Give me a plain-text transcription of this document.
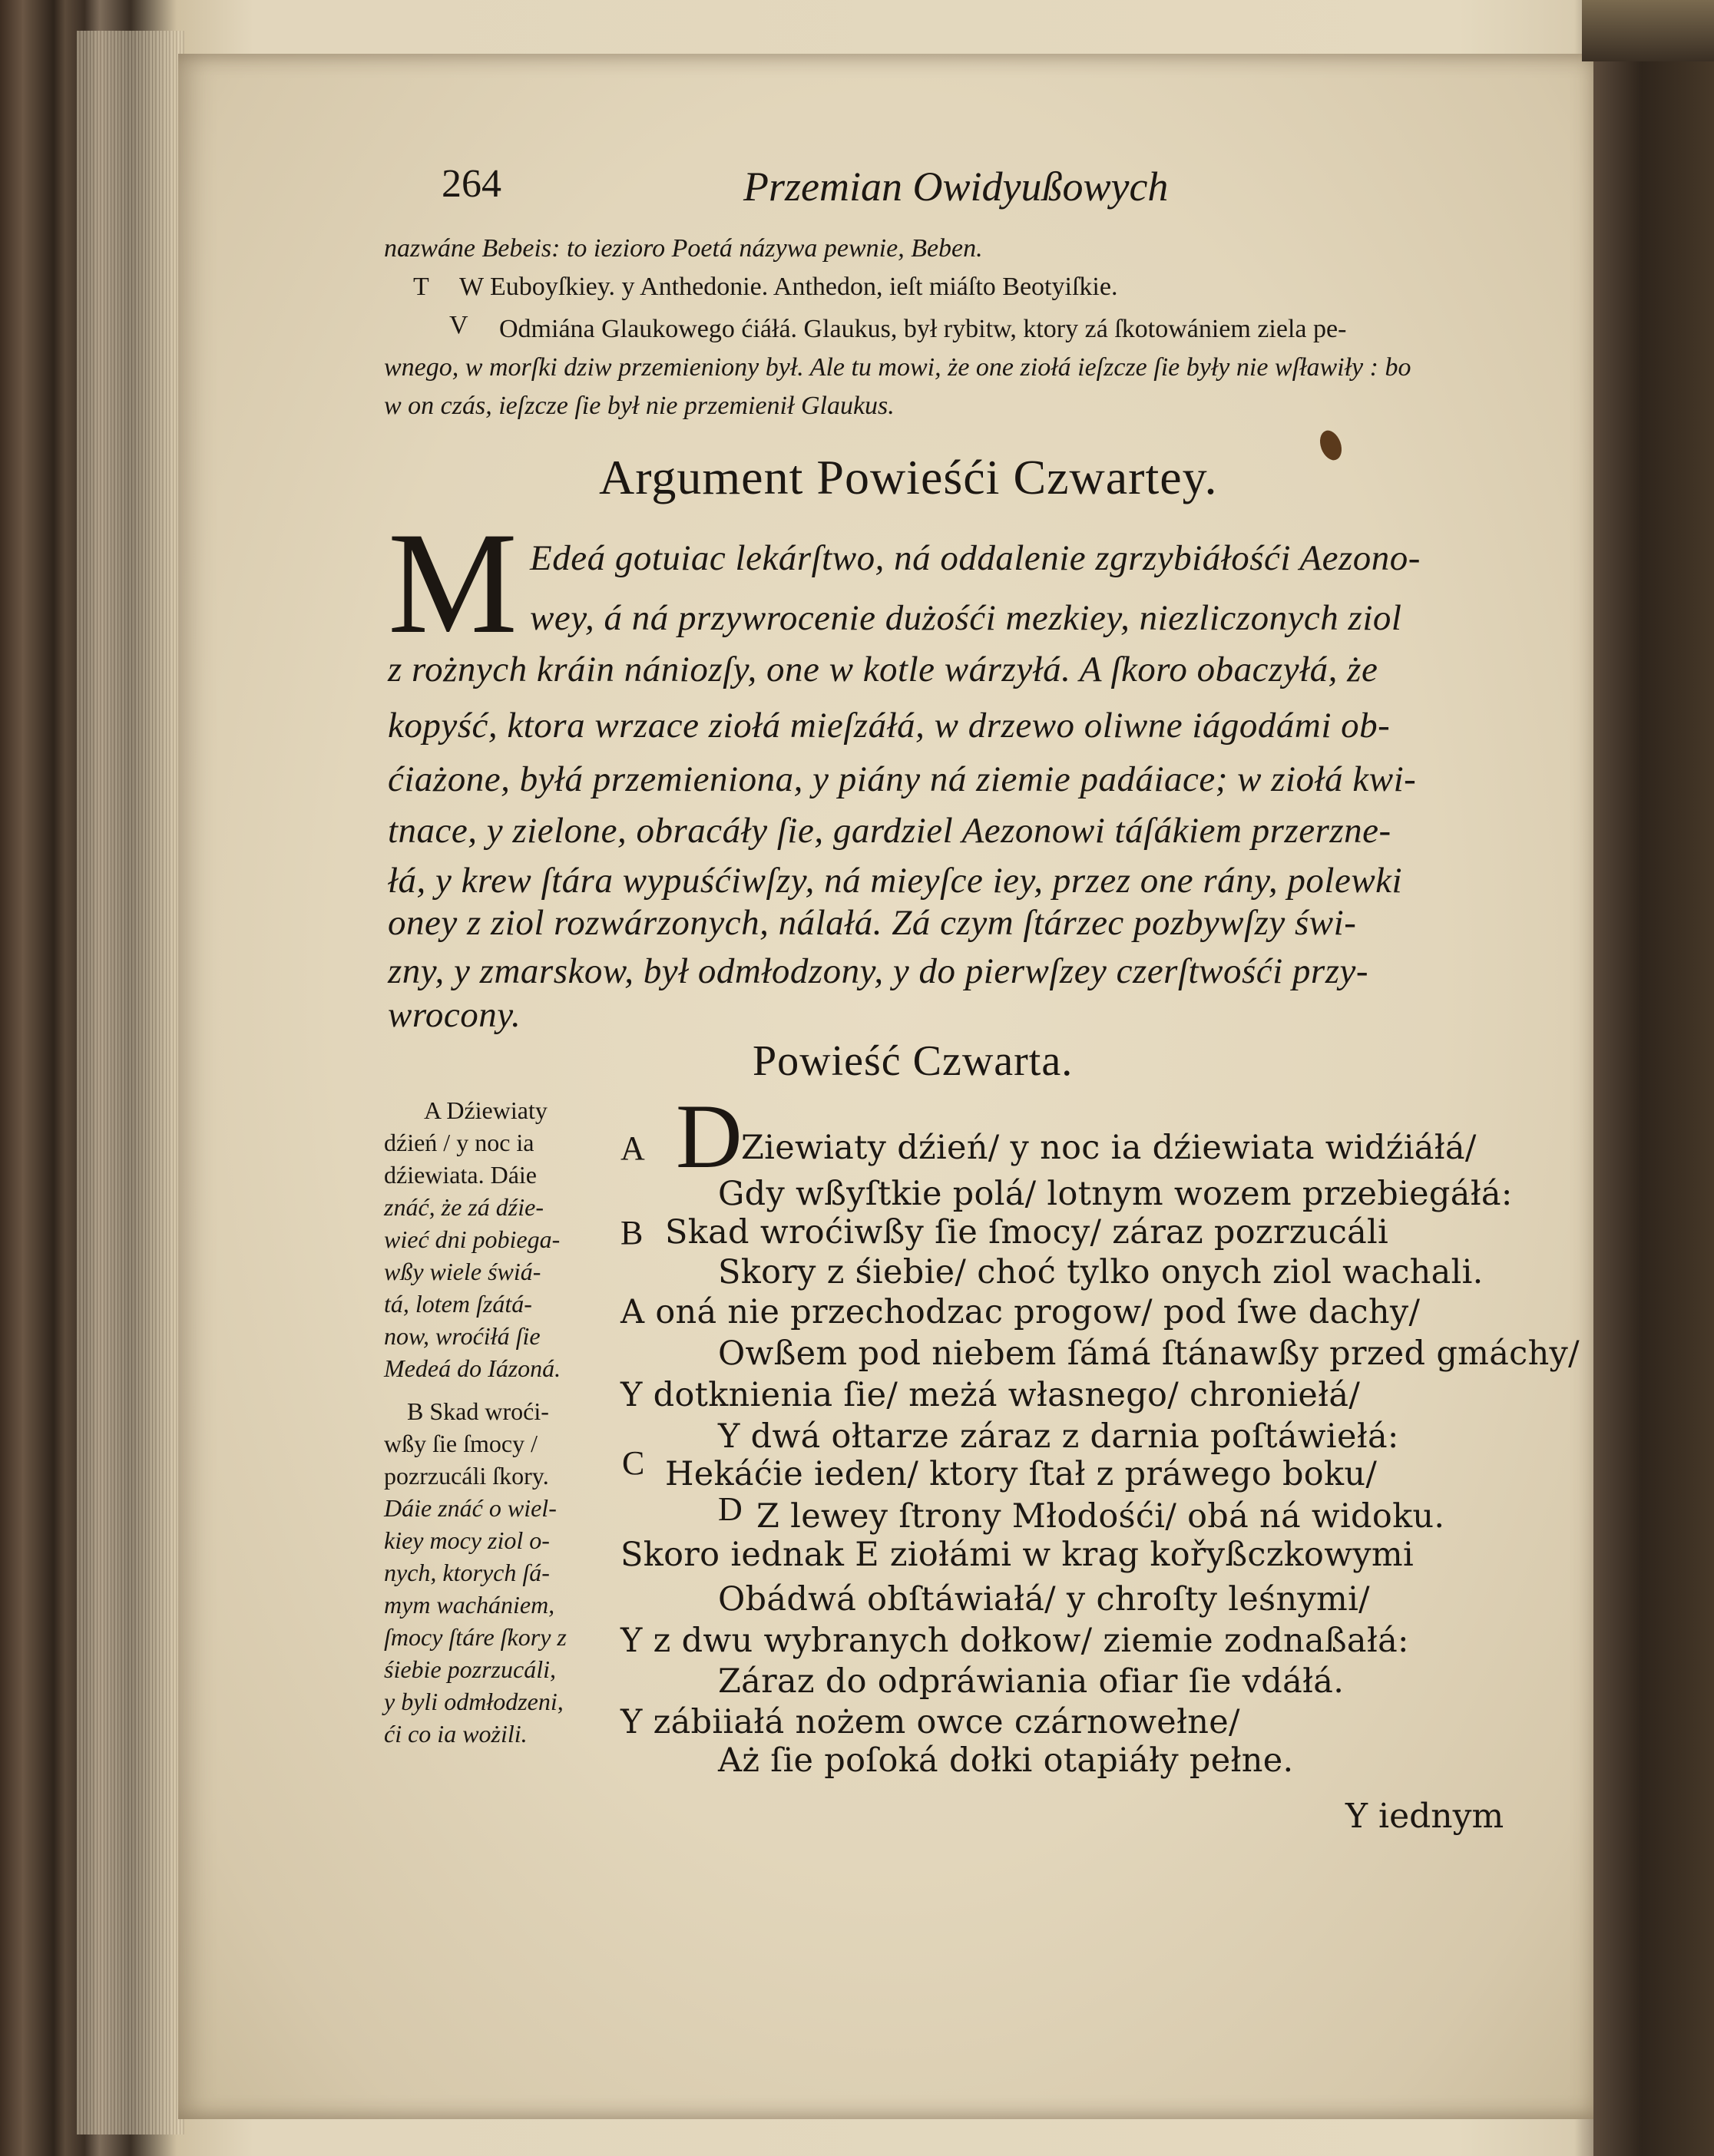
264	Przemian Owidyußowych
nazwáne Bebeis: to iezioro Poetá názywa pewnie, Beben.
T W Euboyſkiey. y Anthedonie. Anthedon, ieſt miáſto Beotyiſkie.
V Odmiána Glaukowego ćiáłá. Glaukus, był rybitw, ktory zá ſkotowániem ziela pe-
wnego, w morſki dziw przemieniony był. Ale tu mowi, że one ziołá ieſzcze ſie były nie wſławiły : bo
w on czás, ieſzcze ſie był nie przemienił Glaukus.
Argument Powieśći Czwartey.
M Edeá gotuiac lekárſtwo, ná oddalenie zgrzybiáłośći Aezono-
wey, á ná przywrocenie dużośći mezkiey, niezliczonych ziol
z rożnych kráin nániozſy, one w kotle wárzyłá. A ſkoro obaczyłá, że
kopyść, ktora wrzace ziołá mieſzáłá, w drzewo oliwne iágodámi ob-
ćiażone, byłá przemieniona, y piány ná ziemie padáiace; w ziołá kwi-
tnace, y zielone, obracáły ſie, gardziel Aezonowi táſákiem przerzne-
łá, y krew ſtára wypuśćiwſzy, ná mieyſce iey, przez one rány, polewki
oney z ziol rozwárzonych, nálałá. Zá czym ſtárzec pozbywſzy świ-
zny, y zmarskow, był odmłodzony, y do pierwſzey czerſtwośći przy-
wrocony.
Powieść Czwarta.
A Dźiewiaty
dźień / y noc ia
dźiewiata. Dáie
znáć, że zá dźie-
wieć dni pobiega-
wßy wiele świá-
tá, lotem ſzátá-
now, wroćiłá ſie
Medeá do Iázoná.
B Skad wroći-
wßy ſie ſmocy /
pozrzucáli ſkory.
Dáie znáć o wiel-
kiey mocy ziol o-
nych, ktorych ſá-
mym wachániem,
ſmocy ſtáre ſkory z
śiebie pozrzucáli,
y byli odmłodzeni,
ći co ia wożili.
D
A	Ziewiaty dźień/ y noc ia dźiewiata widźiáłá/
Gdy wßyſtkie polá/ lotnym wozem przebiegáłá:
B Skad wroćiwßy ſie ſmocy/ záraz pozrzucáli
Skory z śiebie/ choć tylko onych ziol wachali.
A oná nie przechodzac progow/ pod ſwe dachy/
Owßem pod niebem ſámá ſtánawßy przed gmáchy/
Y dotknienia ſie/ meżá własnego/ chroniełá/
Y dwá ołtarze záraz z darnia poſtáwiełá:
C Hekáćie ieden/ ktory ſtał z práwego boku/
D Z lewey ſtrony Młodośći/ obá ná widoku.
Skoro iednak E ziołámi w krag kořyßczkowymi
Obádwá obſtáwiałá/ y chroſty leśnymi/
Y z dwu wybranych dołkow/ ziemie zodnaßałá:
Záraz do odpráwiania ofiar ſie vdáłá.
Y zábiiałá nożem owce czárnowełne/
Aż ſie poſoká dołki otapiáły pełne.
Y iednym
